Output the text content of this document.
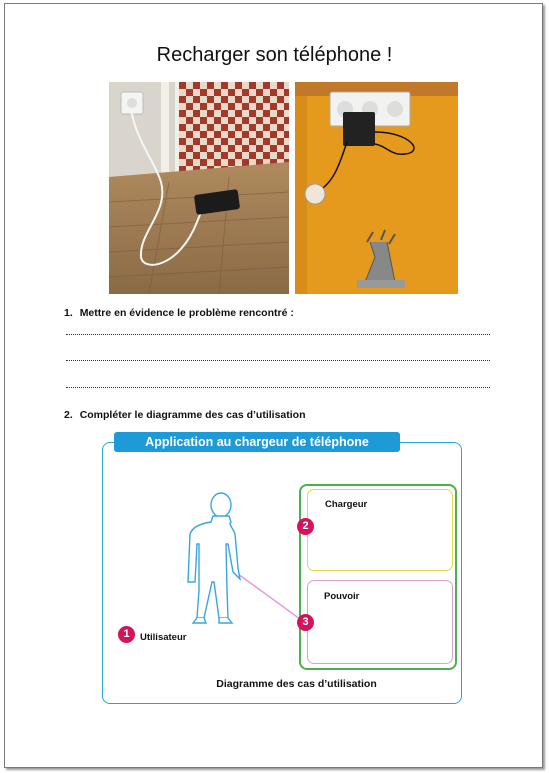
Recharger son téléphone !
1. Mettre en évidence le problème rencontré :
2. Compléter le diagramme des cas d’utilisation
Application au chargeur de téléphone
Chargeur
Pouvoir
2
3
1	Utilisateur
Diagramme des cas d’utilisation
